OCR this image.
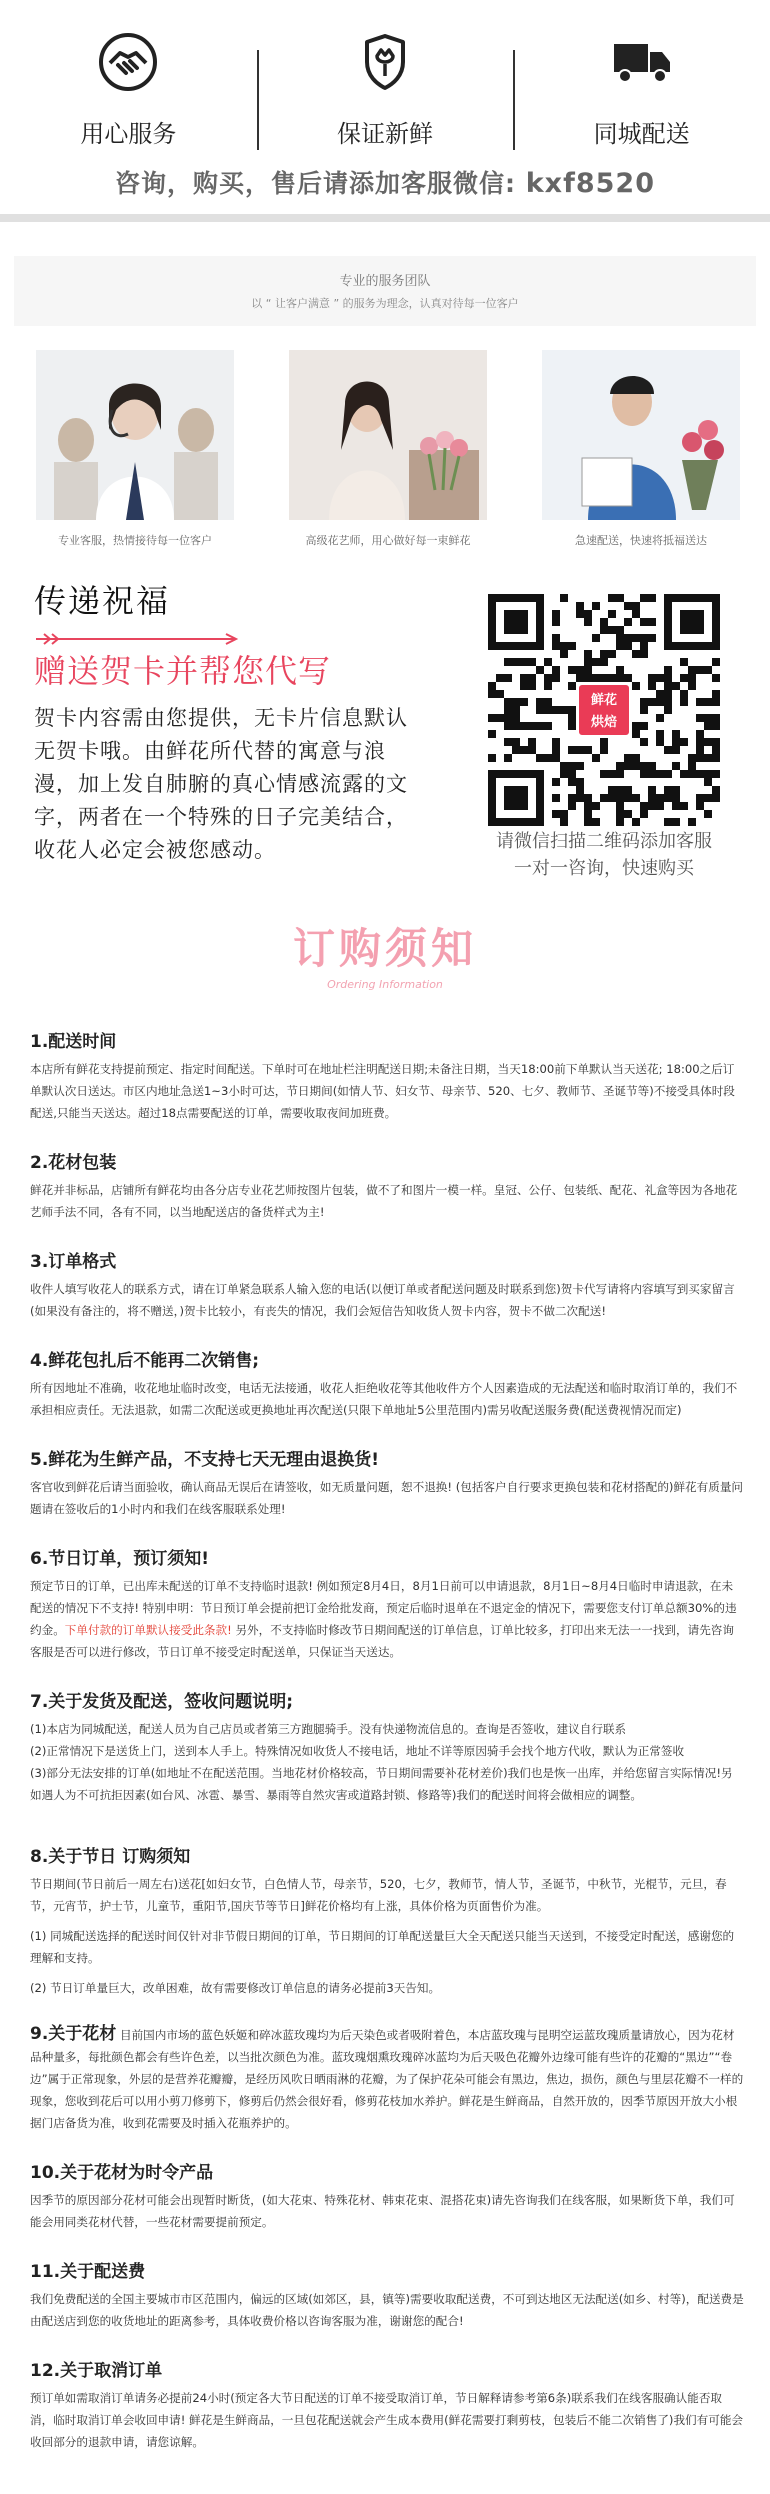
用心服务	保证新鲜	同城配送
咨询，购买，售后请添加客服微信: kxf8520
专业的服务团队
以 “ 让客户满意 ” 的服务为理念，认真对待每一位客户
专业客服，热情接待每一位客户	高级花艺师，用心做好每一束鲜花	急速配送，快速将抵福送达
传递祝福
赠送贺卡并帮您代写
贺卡内容需由您提供，无卡片信息默认无贺卡哦。由鲜花所代替的寓意与浪漫，加上发自肺腑的真心情感流露的文字，两者在一个特殊的日子完美结合，收花人必定会被您感动。
鲜花
烘焙
请微信扫描二维码添加客服
一对一咨询，快速购买
订购须知
Ordering Information
1.配送时间
本店所有鲜花支持提前预定、指定时间配送。下单时可在地址栏注明配送日期;未备注日期，当天18:00前下单默认当天送花; 18:00之后订单默认次日送达。市区内地址急送1~3小时可达，节日期间(如情人节、妇女节、母亲节、520、七夕、教师节、圣诞节等)不接受具体时段配送,只能当天送达。超过18点需要配送的订单，需要收取夜间加班费。
2.花材包装
鲜花并非标品，店铺所有鲜花均由各分店专业花艺师按图片包装，做不了和图片一模一样。皇冠、公仔、包装纸、配花、礼盒等因为各地花艺师手法不同，各有不同，以当地配送店的备货样式为主!
3.订单格式
收件人填写收花人的联系方式，请在订单紧急联系人输入您的电话(以便订单或者配送问题及时联系到您)贺卡代写请将内容填写到买家留言(如果没有备注的，将不赠送，)贺卡比较小，有丧失的情况，我们会短信告知收货人贺卡内容，贺卡不做二次配送!
4.鲜花包扎后不能再二次销售;
所有因地址不准确，收花地址临时改变，电话无法接通，收花人拒绝收花等其他收件方个人因素造成的无法配送和临时取消订单的，我们不承担相应责任。无法退款，如需二次配送或更换地址再次配送(只限下单地址5公里范围内)需另收配送服务费(配送费视情况而定)
5.鲜花为生鲜产品，不支持七天无理由退换货!
客官收到鲜花后请当面验收，确认商品无误后在请签收，如无质量问题，恕不退换! (包括客户自行要求更换包装和花材搭配的)鲜花有质量问题请在签收后的1小时内和我们在线客服联系处理!
6.节日订单，预订须知!
预定节日的订单，已出库未配送的订单不支持临时退款! 例如预定8月4日，8月1日前可以申请退款，8月1日~8月4日临时申请退款，在未配送的情况下不支持! 特别申明：节日预订单会提前把订金给批发商，预定后临时退单在不退定金的情况下，需要您支付订单总额30%的违约金。下单付款的订单默认接受此条款! 另外，不支持临时修改节日期间配送的订单信息，订单比较多，打印出来无法一一找到，请先咨询客服是否可以进行修改，节日订单不接受定时配送单，只保证当天送达。
7.关于发货及配送，签收问题说明;

(1)本店为同城配送，配送人员为自己店员或者第三方跑腿骑手。没有快递物流信息的。查询是否签收，建议自行联系

(2)正常情况下是送货上门，送到本人手上。特殊情况如收货人不接电话，地址不详等原因骑手会找个地方代收，默认为正常签收

(3)部分无法安排的订单(如地址不在配送范围。当地花材价格较高，节日期间需要补花材差价)我们也是恢一出库，并给您留言实际情况!另如遇人为不可抗拒因素(如台风、冰雹、暴雪、暴雨等自然灾害或道路封锁、修路等)我们的配送时间将会做相应的调整。

8.关于节日 订购须知

节日期间(节日前后一周左右)送花[如妇女节，白色情人节，母亲节，520，七夕，教师节，情人节，圣诞节，中秋节，光棍节，元旦，春节，元宵节，护士节，儿童节，重阳节,国庆节等节日]鲜花价格均有上涨，具体价格为页面售价为准。

(1) 同城配送选择的配送时间仅针对非节假日期间的订单，节日期间的订单配送量巨大全天配送只能当天送到，不接受定时配送，感谢您的理解和支持。

(2) 节日订单量巨大，改单困难，故有需要修改订单信息的请务必提前3天告知。

9.关于花材 目前国内市场的蓝色妖姬和碎冰蓝玫瑰均为后天染色或者吸附着色，本店蓝玫瑰与昆明空运蓝玫瑰质量请放心，因为花材品种量多，每批颜色都会有些许色差，以当批次颜色为准。蓝玫瑰烟熏玫瑰碎冰蓝均为后天吸色花瓣外边缘可能有些许的花瓣的“黑边”“卷边”属于正常现象，外层的是营养花瓣瓣，是经历风吹日晒雨淋的花瓣，为了保护花朵可能会有黑边，焦边，损伤，颜色与里层花瓣不一样的现象，您收到花后可以用小剪刀修剪下，修剪后仍然会很好看，修剪花枝加水养护。鲜花是生鲜商品，自然开放的，因季节原因开放大小根据门店备货为准，收到花需要及时插入花瓶养护的。
10.关于花材为时令产品
因季节的原因部分花材可能会出现暂时断货，(如大花束、特殊花材、韩束花束、混搭花束)请先咨询我们在线客服，如果断货下单，我们可能会用同类花材代替，一些花材需要提前预定。
11.关于配送费
我们免费配送的全国主要城市市区范围内，偏远的区域(如郊区，县，镇等)需要收取配送费，不可到达地区无法配送(如乡、村等)，配送费是由配送店到您的收货地址的距离参考，具体收费价格以咨询客服为准，谢谢您的配合!
12.关于取消订单
预订单如需取消订单请务必提前24小时(预定各大节日配送的订单不接受取消订单，节日解释请参考第6条)联系我们在线客服确认能否取消，临时取消订单会收回申请! 鲜花是生鲜商品，一旦包花配送就会产生成本费用(鲜花需要打剩剪枝，包装后不能二次销售了)我们有可能会收回部分的退款申请，请您谅解。
